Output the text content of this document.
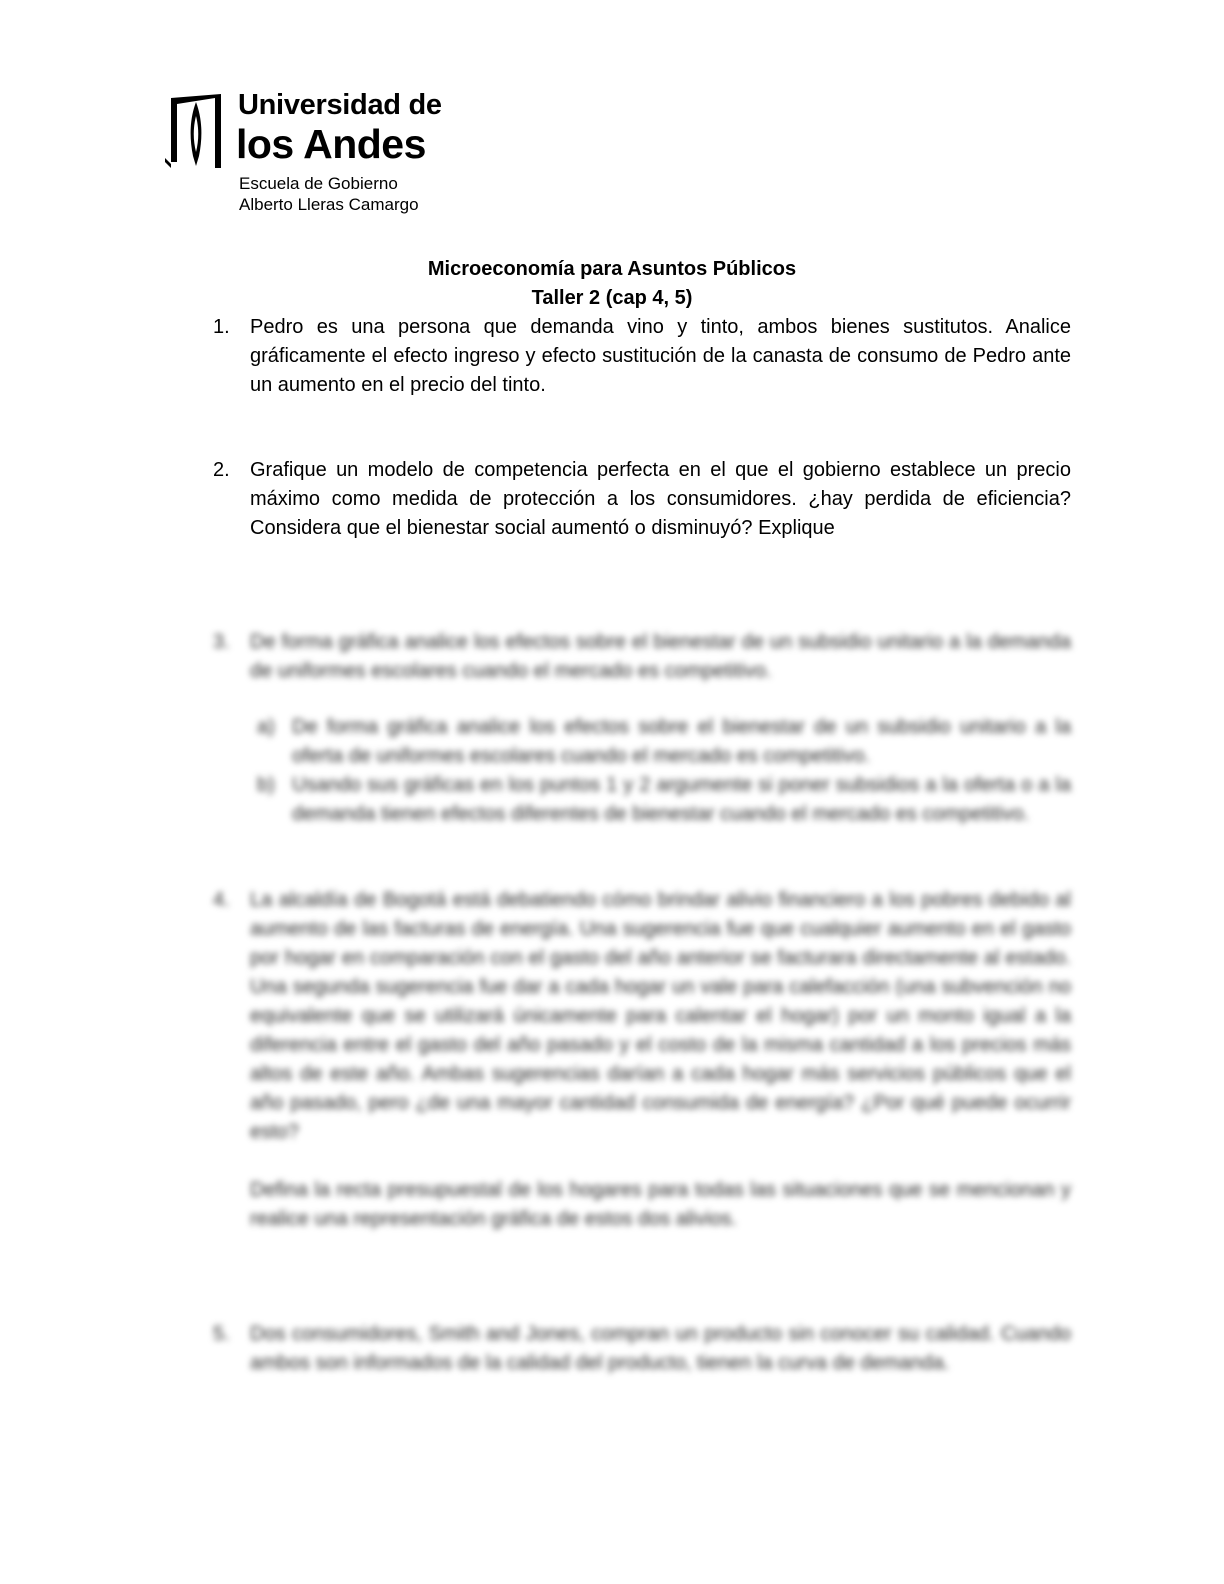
Universidad de
los Andes
Escuela de Gobierno
Alberto Lleras Camargo
Microeconomía para Asuntos Públicos
Taller 2 (cap 4, 5)
1.	Pedro es una persona que demanda vino y tinto, ambos bienes sustitutos. Analice gráficamente el efecto ingreso y efecto sustitución de la canasta de consumo de Pedro ante un aumento en el precio del tinto.
2.	Grafique un modelo de competencia perfecta en el que el gobierno establece un precio máximo como medida de protección a los consumidores. ¿hay perdida de eficiencia? Considera que el bienestar social aumentó o disminuyó? Explique
3.	De forma gráfica analice los efectos sobre el bienestar de un subsidio unitario a la demanda de uniformes escolares cuando el mercado es competitivo.
a) De forma gráfica analice los efectos sobre el bienestar de un subsidio unitario a la oferta de uniformes escolares cuando el mercado es competitivo.
b) Usando sus gráficas en los puntos 1 y 2 argumente si poner subsidios a la oferta o a la demanda tienen efectos diferentes de bienestar cuando el mercado es competitivo.
4.	La alcaldía de Bogotá está debatiendo cómo brindar alivio financiero a los pobres debido al aumento de las facturas de energía. Una sugerencia fue que cualquier aumento en el gasto por hogar en comparación con el gasto del año anterior se facturara directamente al estado. Una segunda sugerencia fue dar a cada hogar un vale para calefacción (una subvención no equivalente que se utilizará únicamente para calentar el hogar) por un monto igual a la diferencia entre el gasto del año pasado y el costo de la misma cantidad a los precios más altos de este año. Ambas sugerencias darían a cada hogar más servicios públicos que el año pasado, pero ¿de una mayor cantidad consumida de energía? ¿Por qué puede ocurrir esto?

Defina la recta presupuestal de los hogares para todas las situaciones que se mencionan y realice una representación gráfica de estos dos alivios.

5.	Dos consumidores, Smith and Jones, compran un producto sin conocer su calidad. Cuando ambos son informados de la calidad del producto, tienen la curva de demanda.
